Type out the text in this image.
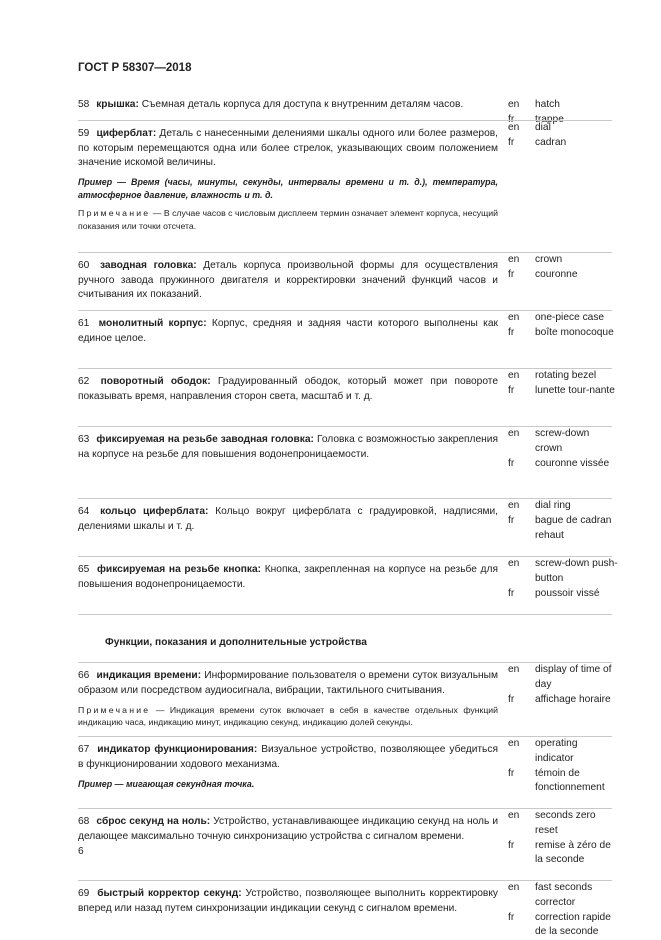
ГОСТ Р 58307—2018
58 крышка: Съемная деталь корпуса для доступа к внутренним деталям часов.	en	hatch
fr	trappe
59 циферблат: Деталь с нанесенными делениями шкалы одного или более размеров, по которым перемещаются одна или более стрелок, указывающих своим положением значение искомой величины.
Пример — Время (часы, минуты, секунды, интервалы времени и т. д.), температура, атмосферное давление, влажность и т. д.
Примечание — В случае часов с числовым дисплеем термин означает элемент корпуса, несущий показания или точки отсчета.
en	dial
fr	cadran
60 заводная головка: Деталь корпуса произвольной формы для осуществления ручного завода пружинного двигателя и корректировки значений функций часов и считывания их показаний.
en	crown
fr	couronne
61 монолитный корпус: Корпус, средняя и задняя части которого выполнены как единое целое.
en	one-piece case
fr	boîte monocoque
62 поворотный ободок: Градуированный ободок, который может при повороте показывать время, направления сторон света, масштаб и т. д.
en	rotating bezel
fr	lunette tour-nante
63 фиксируемая на резьбе заводная головка: Головка с возможностью закрепления на корпусе на резьбе для повышения водонепроницаемости.
en	screw-down crown
fr	couronne vissée
64 кольцо циферблата: Кольцо вокруг циферблата с градуировкой, надписями, делениями шкалы и т. д.
en	dial ring
fr	bague de cadran rehaut
65 фиксируемая на резьбе кнопка: Кнопка, закрепленная на корпусе на резьбе для повышения водонепроницаемости.
en	screw-down push-button
fr	poussoir vissé
Функции, показания и дополнительные устройства
66 индикация времени: Информирование пользователя о времени суток визуальным образом или посредством аудиосигнала, вибрации, тактильного считывания.
Примечание — Индикация времени суток включает в себя в качестве отдельных функций индикацию часа, индикацию минут, индикацию секунд, индикацию долей секунды.
en	display of time of day
fr	affichage horaire
67 индикатор функционирования: Визуальное устройство, позволяющее убедиться в функционировании ходового механизма.
Пример — мигающая секундная точка.
en	operating indicator
fr	témoin de fonctionnement
68 сброс секунд на ноль: Устройство, устанавливающее индикацию секунд на ноль и делающее максимально точную синхронизацию устройства с сигналом времени.
en	seconds zero reset
fr	remise à zéro de la seconde
69 быстрый корректор секунд: Устройство, позволяющее выполнить корректировку вперед или назад путем синхронизации индикации секунд с сигналом времени.
en	fast seconds corrector
fr	correction rapide de la seconde
6
